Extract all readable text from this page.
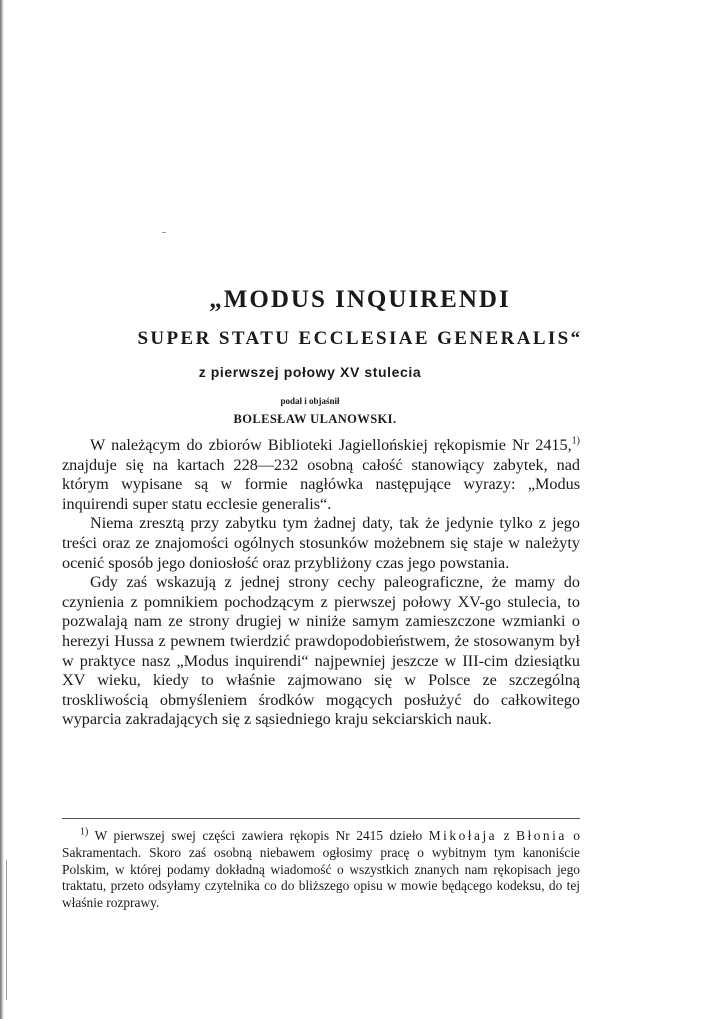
„MODUS INQUIRENDI
SUPER STATU ECCLESIAE GENERALIS“
z pierwszej połowy XV stulecia
podał i objaśnił
BOLESŁAW ULANOWSKI.

W należącym do zbiorów Biblioteki Jagiellońskiej rękopismie Nr 2415,$^{1)}$ znajduje się na kartach 228—232 osobną całość stanowiący zabytek, nad którym wypisane są w formie nagłówka następujące wyrazy: „Modus inquirendi super statu ecclesie generalis“.

Niema zresztą przy zabytku tym żadnej daty, tak że jedynie tylko z jego treści oraz ze znajomości ogólnych stosunków możebnem się staje w należyty ocenić sposób jego doniosłość oraz przybliżony czas jego powstania.

Gdy zaś wskazują z jednej strony cechy paleograficzne, że mamy do czynienia z pomnikiem pochodzącym z pierwszej połowy XV-go stulecia, to pozwalają nam ze strony drugiej w niniże samym zamieszczone wzmianki o herezyi Hussa z pewnem twierdzić prawdopodobieństwem, że stosowanym był w praktyce nasz „Modus inquirendi“ najpewniej jeszcze w III-cim dziesiątku XV wieku, kiedy to właśnie zajmowano się w Polsce ze szczególną troskliwością obmyśleniem środków mogących posłużyć do całkowitego wyparcia zakradających się z sąsiedniego kraju sekciarskich nauk.

$^{1)}$ W pierwszej swej części zawiera rękopis Nr 2415 dzieło Mikołaja z Błonia o Sakramentach. Skoro zaś osobną niebawem ogłosimy pracę o wybitnym tym kanoniście Polskim, w której podamy dokładną wiadomość o wszystkich znanych nam rękopisach jego traktatu, przeto odsyłamy czytelnika co do bliższego opisu w mowie będącego kodeksu, do tej właśnie rozprawy.
